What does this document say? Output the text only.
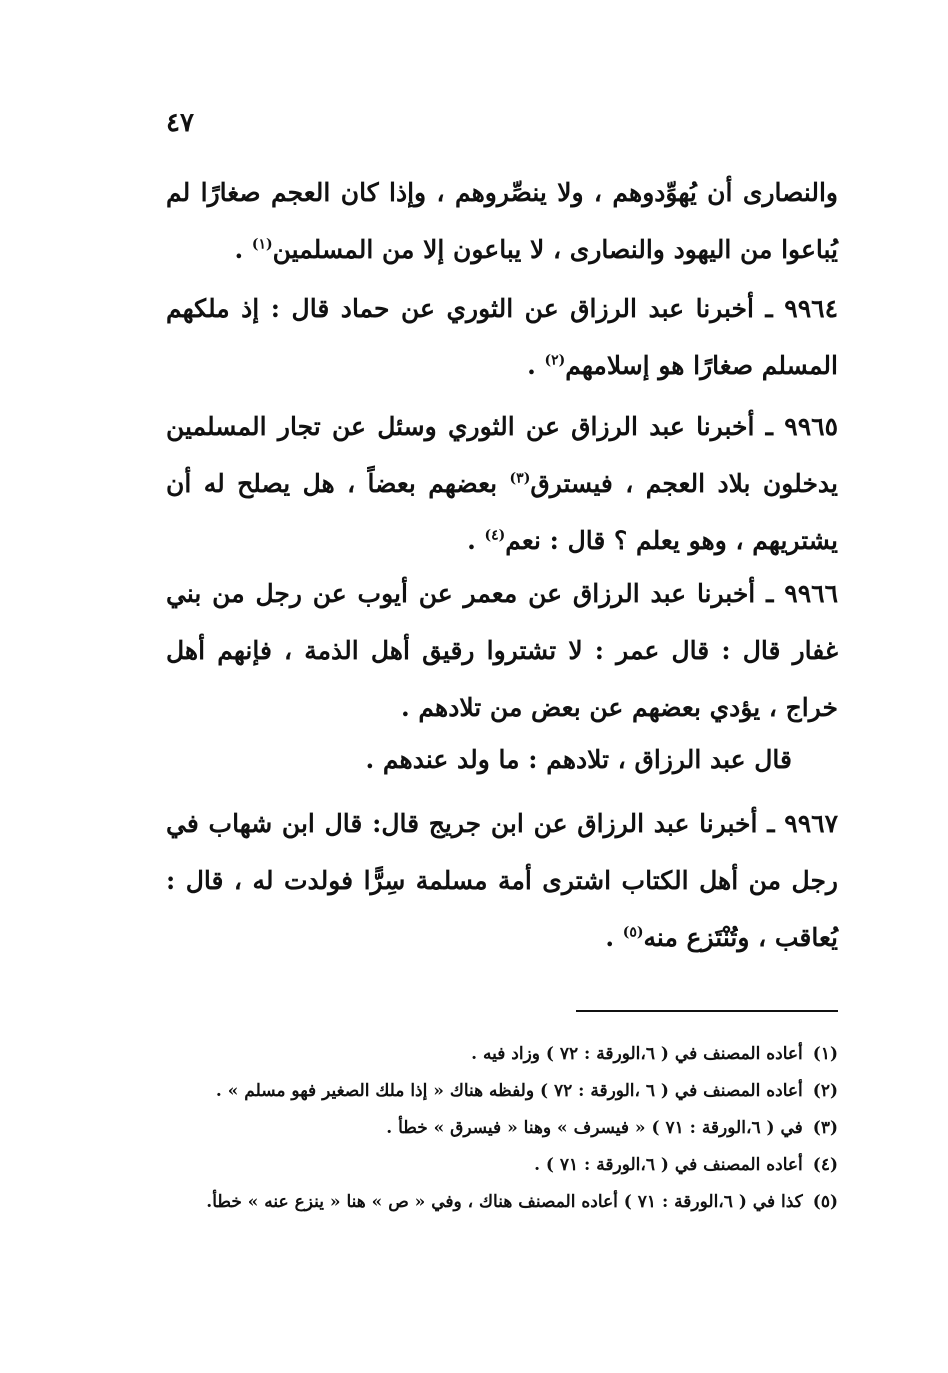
٤٧
والنصارى أن يُهوِّدوهم ، ولا ينصِّروهم ، وإذا كان العجم صغارًا لم يُباعوا من اليهود والنصارى ، لا يباعون إلا من المسلمين$^{(١)}$ .
٩٩٦٤ ـ أخبرنا عبد الرزاق عن الثوري عن حماد قال : إذ ملكهم المسلم صغارًا هو إسلامهم$^{(٢)}$ .
٩٩٦٥ ـ أخبرنا عبد الرزاق عن الثوري وسئل عن تجار المسلمين يدخلون بلاد العجم ، فيسترق$^{(٣)}$ بعضهم بعضاً ، هل يصلح له أن يشتريهم ، وهو يعلم ؟ قال : نعم$^{(٤)}$ .
٩٩٦٦ ـ أخبرنا عبد الرزاق عن معمر عن أيوب عن رجل من بني غفار قال : قال عمر : لا تشتروا رقيق أهل الذمة ، فإنهم أهل خراج ، يؤدي بعضهم عن بعض من تلادهم .
قال عبد الرزاق ، تلادهم : ما ولد عندهم .
٩٩٦٧ ـ أخبرنا عبد الرزاق عن ابن جريج قال: قال ابن شهاب في رجل من أهل الكتاب اشترى أمة مسلمة سِرًّا فولدت له ، قال : يُعاقب ، وتُنْتَزع منه$^{(٥)}$ .
(١)أعاده المصنف في ( ٦،الورقة : ٧٢ ) وزاد فيه .
(٢)أعاده المصنف في ( ٦ ،الورقة : ٧٢ ) ولفظه هناك « إذا ملك الصغير فهو مسلم » .
(٣)في ( ٦،الورقة : ٧١ ) « فيسرف » وهنا « فيسرق » خطأ .
(٤)أعاده المصنف في ( ٦،الورقة : ٧١ ) .
(٥)كذا في ( ٦،الورقة : ٧١ ) أعاده المصنف هناك ، وفي « ص » هنا « ينزع عنه » خطأ.
